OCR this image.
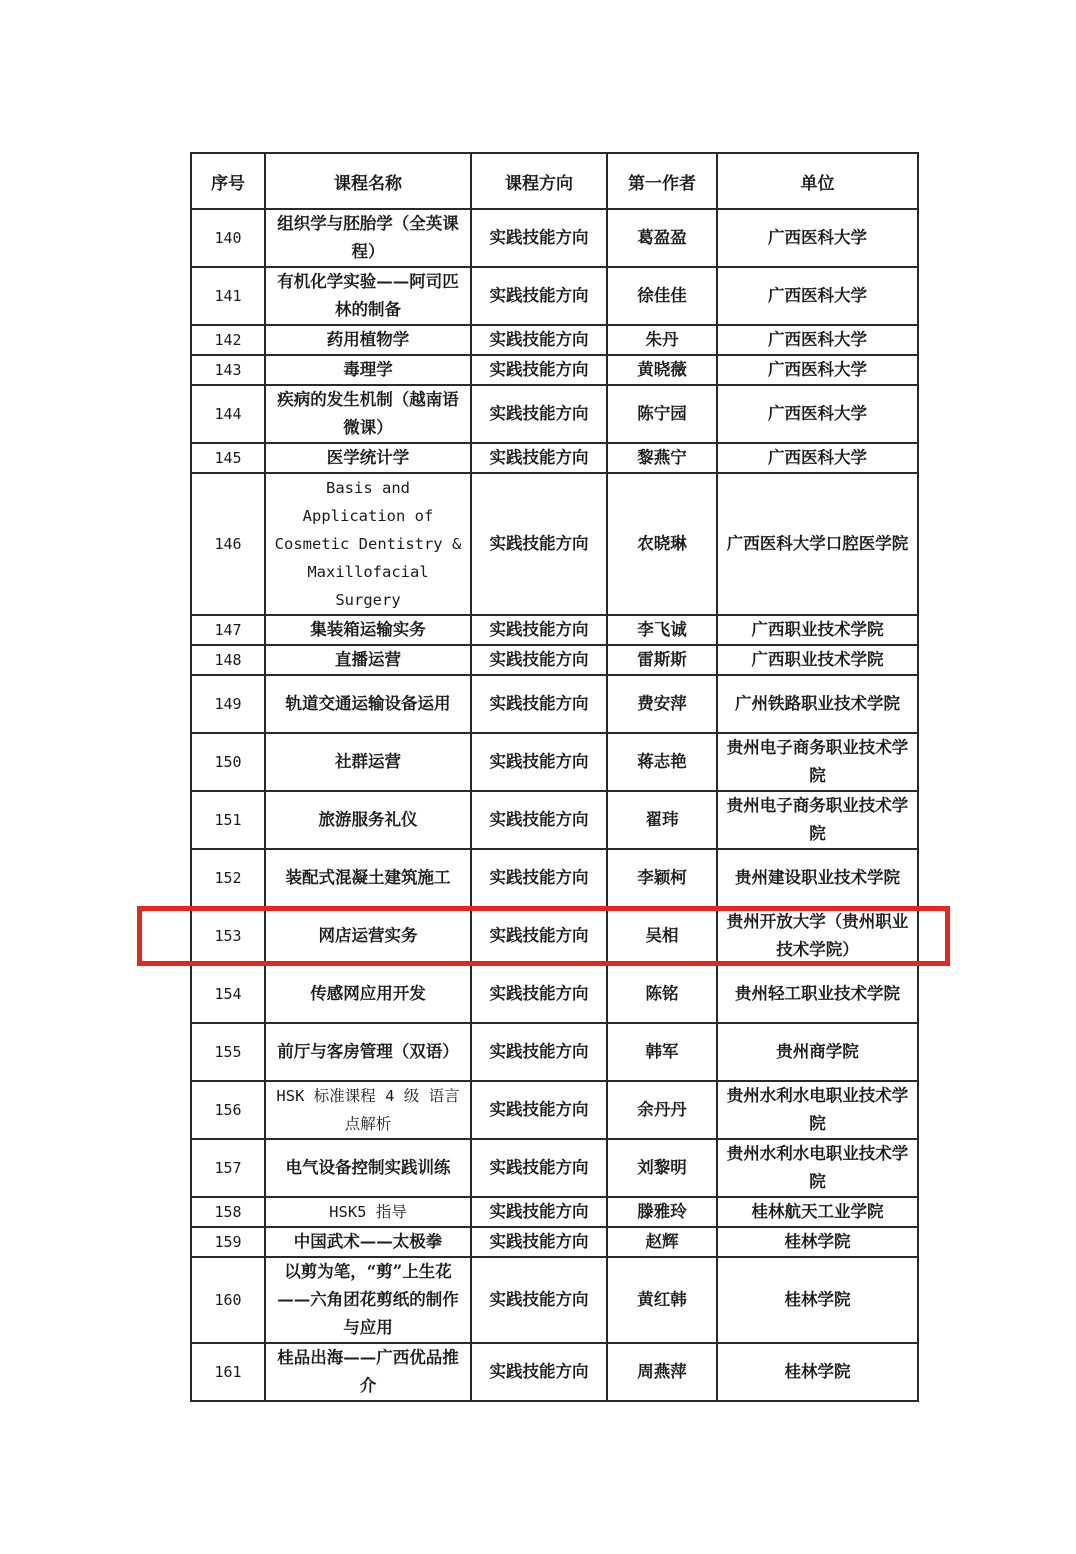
序号	课程名称	课程方向	第一作者	单位
140	组织学与胚胎学（全英课程）	实践技能方向	葛盈盈	广西医科大学
141	有机化学实验——阿司匹林的制备	实践技能方向	徐佳佳	广西医科大学
142	药用植物学	实践技能方向	朱丹	广西医科大学
143	毒理学	实践技能方向	黄晓薇	广西医科大学
144	疾病的发生机制（越南语微课）	实践技能方向	陈宁园	广西医科大学
145	医学统计学	实践技能方向	黎燕宁	广西医科大学
146	Basis and Application of Cosmetic Dentistry & Maxillofacial Surgery	实践技能方向	农晓琳	广西医科大学口腔医学院
147	集装箱运输实务	实践技能方向	李飞诚	广西职业技术学院
148	直播运营	实践技能方向	雷斯斯	广西职业技术学院
149	轨道交通运输设备运用	实践技能方向	费安萍	广州铁路职业技术学院
150	社群运营	实践技能方向	蒋志艳	贵州电子商务职业技术学院
151	旅游服务礼仪	实践技能方向	翟玮	贵州电子商务职业技术学院
152	装配式混凝土建筑施工	实践技能方向	李颖柯	贵州建设职业技术学院
153	网店运营实务	实践技能方向	吴相	贵州开放大学（贵州职业技术学院）
154	传感网应用开发	实践技能方向	陈铭	贵州轻工职业技术学院
155	前厅与客房管理（双语）	实践技能方向	韩军	贵州商学院
156	HSK 标准课程 4 级 语言点解析	实践技能方向	余丹丹	贵州水利水电职业技术学院
157	电气设备控制实践训练	实践技能方向	刘黎明	贵州水利水电职业技术学院
158	HSK5 指导	实践技能方向	滕雅玲	桂林航天工业学院
159	中国武术——太极拳	实践技能方向	赵辉	桂林学院
160	以剪为笔，“剪”上生花——六角团花剪纸的制作与应用	实践技能方向	黄红韩	桂林学院
161	桂品出海——广西优品推介	实践技能方向	周燕萍	桂林学院
